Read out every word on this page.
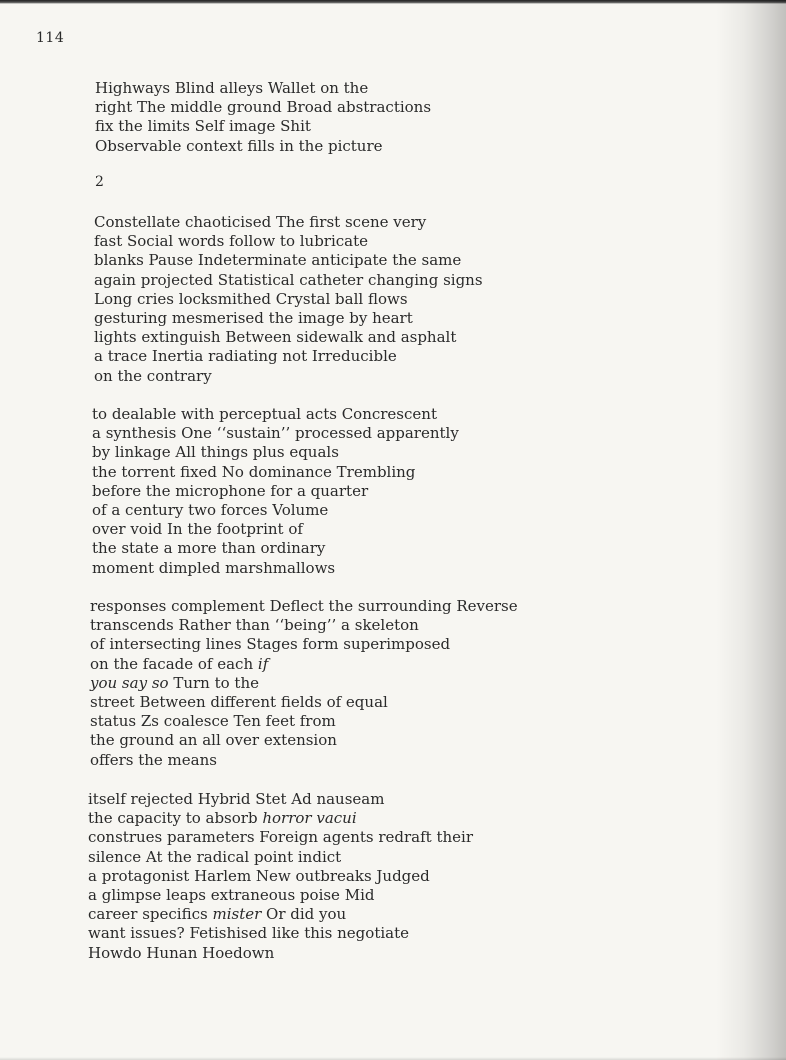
114

Highways Blind alleys Wallet on the
right The middle ground Broad abstractions
fix the limits Self image Shit
Observable context fills in the picture

2

Constellate chaoticised The first scene very
fast Social words follow to lubricate
blanks Pause Indeterminate anticipate the same
again projected Statistical catheter changing signs
Long cries locksmithed Crystal ball flows
gesturing mesmerised the image by heart
lights extinguish Between sidewalk and asphalt
a trace Inertia radiating not Irreducible
on the contrary

to dealable with perceptual acts Concrescent
a synthesis One ‘‘sustain’’ processed apparently
by linkage All things plus equals
the torrent fixed No dominance Trembling
before the microphone for a quarter
of a century two forces Volume
over void In the footprint of
the state a more than ordinary
moment dimpled marshmallows

responses complement Deflect the surrounding Reverse
transcends Rather than ‘‘being’’ a skeleton
of intersecting lines Stages form superimposed
on the facade of each if
you say so Turn to the
street Between different fields of equal
status Zs coalesce Ten feet from
the ground an all over extension
offers the means

itself rejected Hybrid Stet Ad nauseam
the capacity to absorb horror vacui
construes parameters Foreign agents redraft their
silence At the radical point indict
a protagonist Harlem New outbreaks Judged
a glimpse leaps extraneous poise Mid
career specifics mister Or did you
want issues? Fetishised like this negotiate
Howdo Hunan Hoedown
